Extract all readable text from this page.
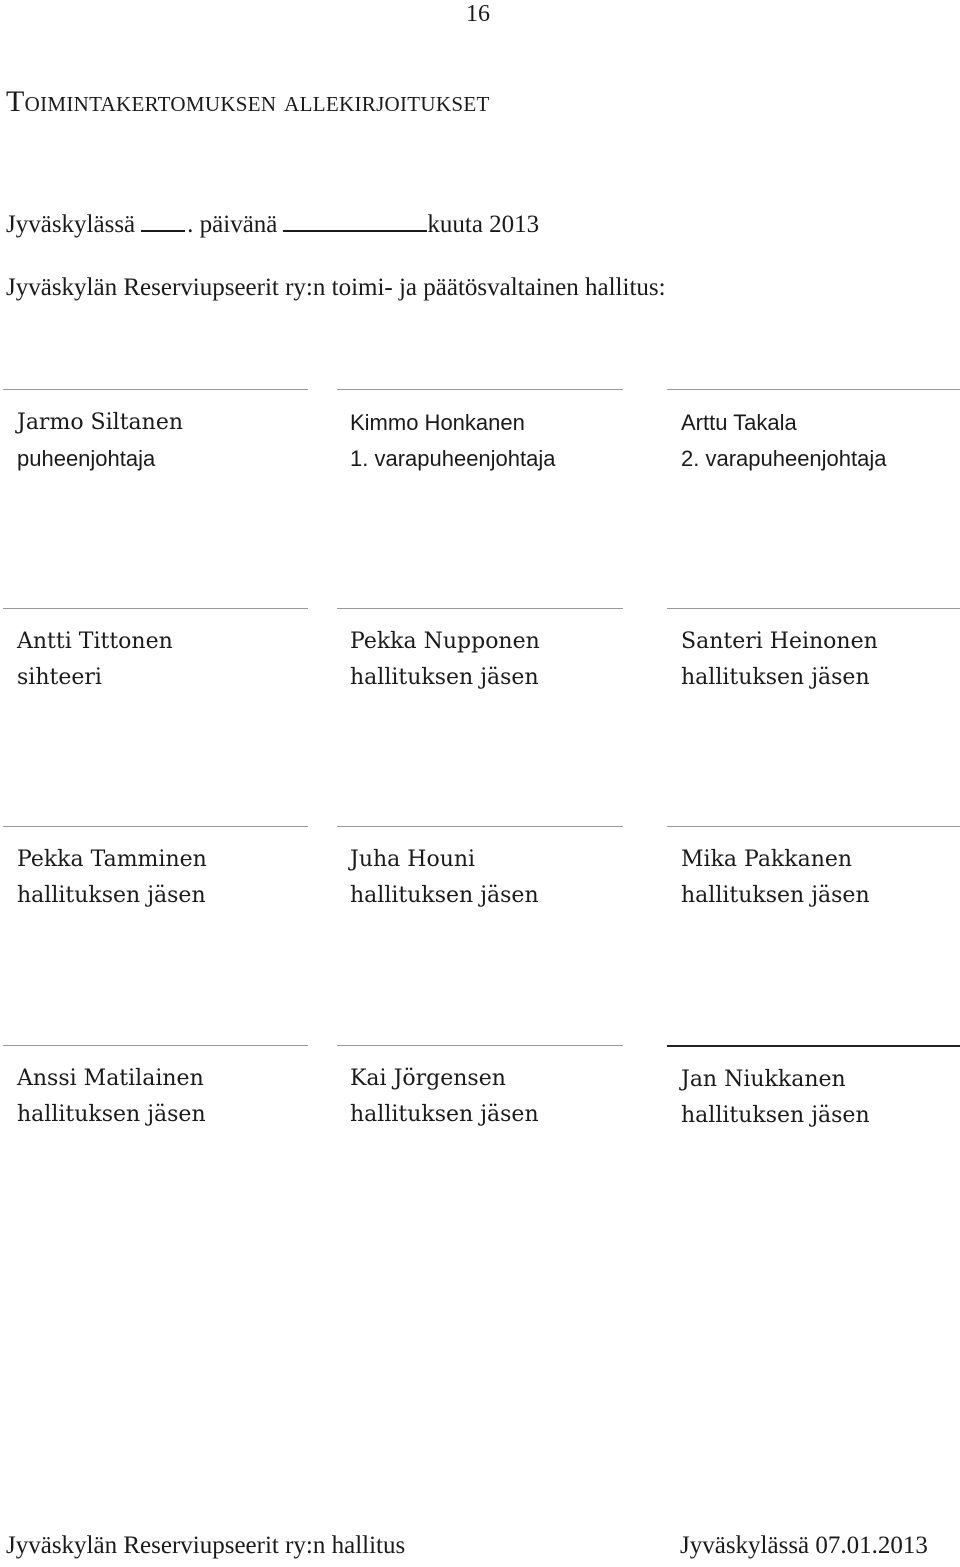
16
Toimintakertomuksen allekirjoitukset
Jyväskylässä . päivänä	kuuta 2013
Jyväskylän Reserviupseerit ry:n toimi- ja päätösvaltainen hallitus:
Jarmo Siltanen
puheenjohtaja
Kimmo Honkanen
1. varapuheenjohtaja
Arttu Takala
2. varapuheenjohtaja
Antti Tittonen
sihteeri
Pekka Nupponen
hallituksen jäsen
Santeri Heinonen
hallituksen jäsen
Pekka Tamminen
hallituksen jäsen
Juha Houni
hallituksen jäsen
Mika Pakkanen
hallituksen jäsen
Anssi Matilainen
hallituksen jäsen
Kai Jörgensen
hallituksen jäsen
Jan Niukkanen
hallituksen jäsen
Jyväskylän Reserviupseerit ry:n hallitus	Jyväskylässä 07.01.2013
